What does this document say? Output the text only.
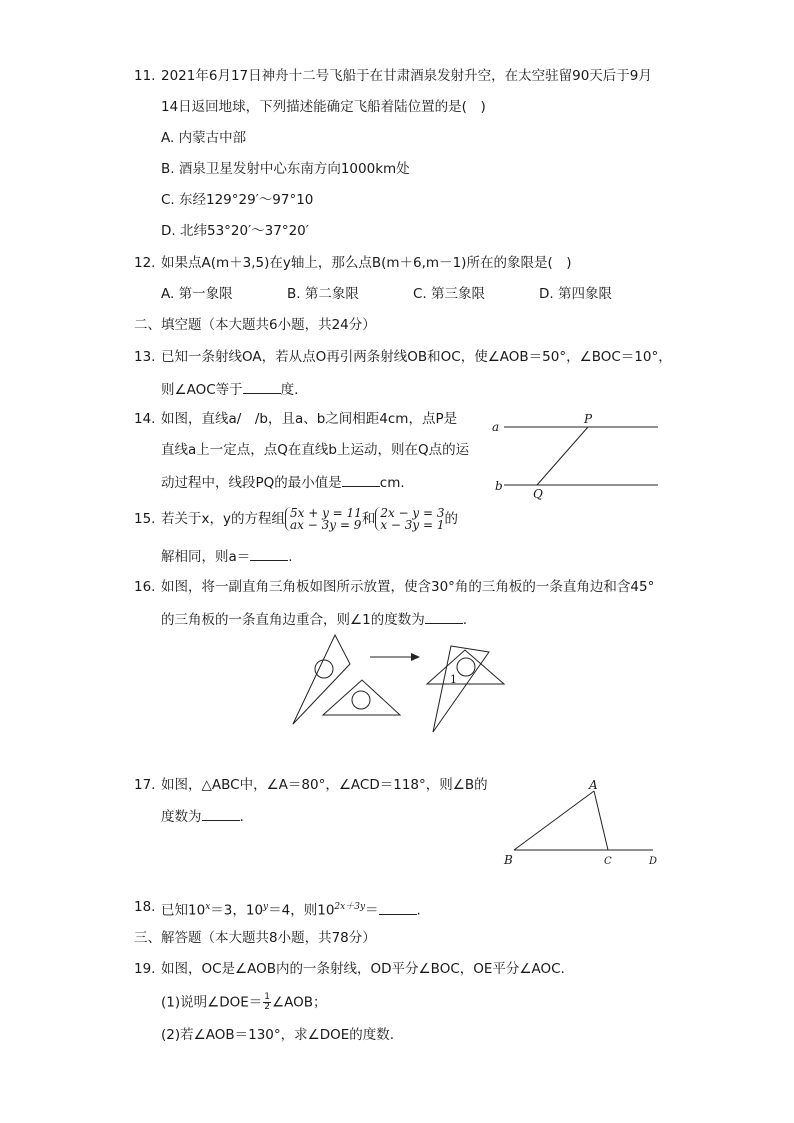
11. 2021年6月17日神舟十二号飞船于在甘肃酒泉发射升空，在太空驻留90天后于9月
14日返回地球，下列描述能确定飞船着陆位置的是(　)
A. 内蒙古中部
B. 酒泉卫星发射中心东南方向1000km处
C. 东经129°29′～97°10
D. 北纬53°20′～37°20′
12. 如果点A(m＋3,5)在y轴上，那么点B(m＋6,m－1)所在的象限是(　)
A. 第一象限	B. 第二象限	C. 第三象限	D. 第四象限
二、填空题（本大题共6小题，共24分）
13. 已知一条射线OA，若从点O再引两条射线OB和OC，使∠AOB＝50°，∠BOC＝10°，
则∠AOC等于	度.
14. 如图，直线a/　/b，且a、b之间相距4cm，点P是
直线a上一定点，点Q在直线b上运动，则在Q点的运
动过程中，线段PQ的最小值是	cm.
a
b
P
Q
15. 若关于x，y的方程组 5x + y = 11
ax − 3y = 9和 2x − y = 3
x − 3y = 1的
解相同，则a＝	.
16. 如图，将一副直角三角板如图所示放置，使含30°角的三角板的一条直角边和含45°
的三角板的一条直角边重合，则∠1的度数为	.
1
17. 如图，△ABC中，∠A＝80°，∠ACD＝118°，则∠B的
度数为	.
A
B	C	D
18. 已知$10^x=3$，$10^y=4$，则$10^{2x+3y}=$	.
三、解答题（本大题共8小题，共78分）
19. 如图，OC是∠AOB内的一条射线，OD平分∠BOC，OE平分∠AOC.
(1)说明∠DOE＝ $\frac{1}{2}$ ∠AOB；
(2)若∠AOB＝130°，求∠DOE的度数.
